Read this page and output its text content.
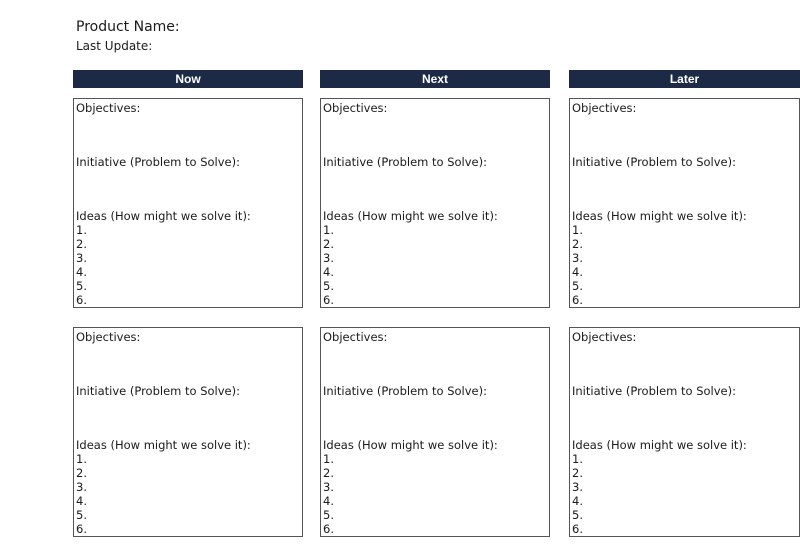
Product Name:
Last Update:
Now	Next	Later
Objectives:
Initiative (Problem to Solve):
Ideas (How might we solve it):
1.
2.
3.
4.
5.
6.
Objectives:
Initiative (Problem to Solve):
Ideas (How might we solve it):
1.
2.
3.
4.
5.
6.
Objectives:
Initiative (Problem to Solve):
Ideas (How might we solve it):
1.
2.
3.
4.
5.
6.
Objectives:
Initiative (Problem to Solve):
Ideas (How might we solve it):
1.
2.
3.
4.
5.
6.
Objectives:
Initiative (Problem to Solve):
Ideas (How might we solve it):
1.
2.
3.
4.
5.
6.
Objectives:
Initiative (Problem to Solve):
Ideas (How might we solve it):
1.
2.
3.
4.
5.
6.
